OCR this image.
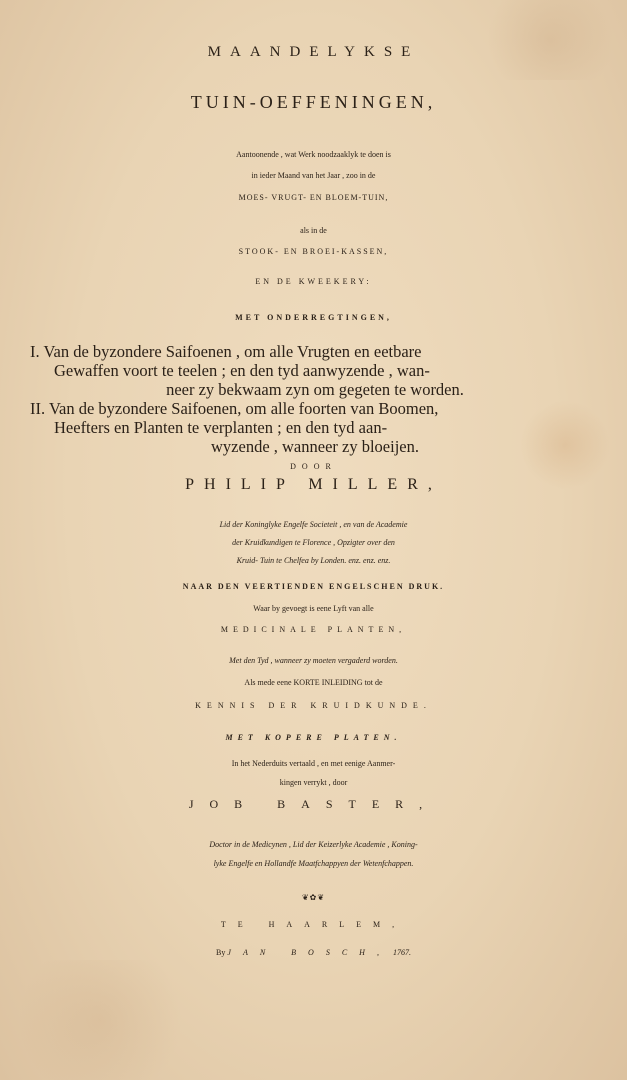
MAANDELYKSE
TUIN-OEFFENINGEN,
Aantoonende , wat Werk noodzaaklyk te doen is
in ieder Maand van het Jaar , zoo in de
MOES- VRUGT- EN BLOEM-TUIN,
als in de
STOOK- EN BROEI-KASSEN,
EN DE KWEEKERY:
MET ONDERREGTINGEN,
I. Van de byzondere Saifoenen , om alle Vrugten en eetbare
Gewaffen voort te teelen ; en den tyd aanwyzende , wan-
neer zy bekwaam zyn om gegeten te worden.
II. Van de byzondere Saifoenen, om alle foorten van Boomen,
Heefters en Planten te verplanten ; en den tyd aan-
wyzende , wanneer zy bloeijen.
DOOR
PHILIP MILLER,
Lid der Koninglyke Engelfe Societeit , en van de Academie
der Kruidkundigen te Florence , Opzigter over den
Kruid- Tuin te Chelfea by Londen. enz. enz. enz.
NAAR DEN VEERTIENDEN ENGELSCHEN DRUK.
Waar by gevoegt is eene Lyft van alle
MEDICINALE PLANTEN,
Met den Tyd , wanneer zy moeten vergaderd worden.
Als mede eene KORTE INLEIDING tot de
KENNIS DER KRUIDKUNDE.
MET KOPERE PLATEN.
In het Nederduits vertaald , en met eenige Aanmer-
kingen verrykt , door
JOB BASTER,
Doctor in de Medicynen , Lid der Keizerlyke Academie , Koning-
lyke Engelfe en Hollandfe Maatfchappyen der Wetenfchappen.
❦✿❦
TE HAARLEM,
By JAN BOSCH, 1767.
